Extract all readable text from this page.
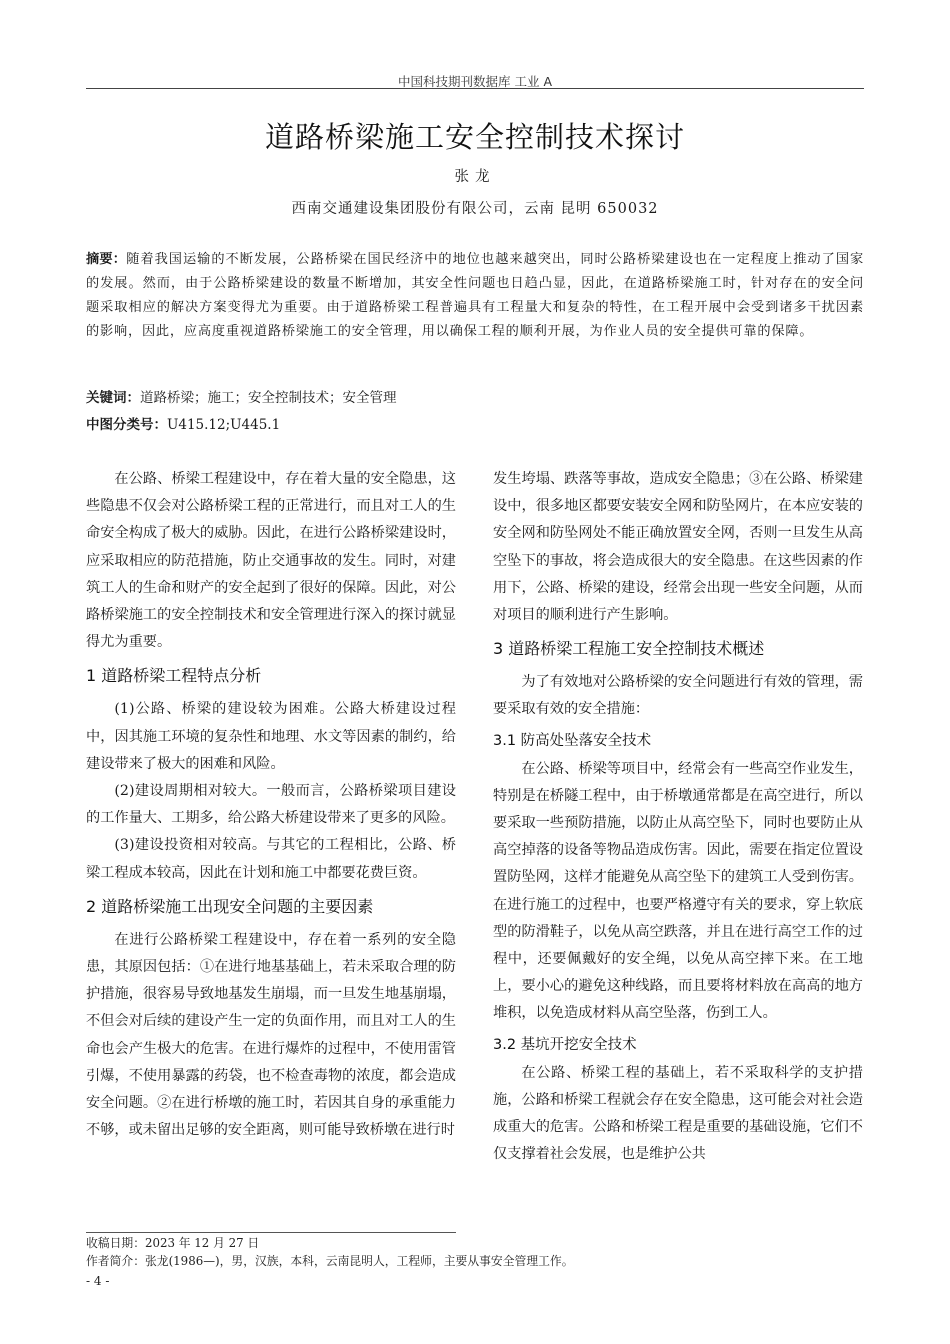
中国科技期刊数据库 工业 A
道路桥梁施工安全控制技术探讨
张龙
西南交通建设集团股份有限公司，云南 昆明 650032
摘要：随着我国运输的不断发展，公路桥梁在国民经济中的地位也越来越突出，同时公路桥梁建设也在一定程度上推动了国家的发展。然而，由于公路桥梁建设的数量不断增加，其安全性问题也日趋凸显，因此，在道路桥梁施工时，针对存在的安全问题采取相应的解决方案变得尤为重要。由于道路桥梁工程普遍具有工程量大和复杂的特性，在工程开展中会受到诸多干扰因素的影响，因此，应高度重视道路桥梁施工的安全管理，用以确保工程的顺利开展，为作业人员的安全提供可靠的保障。
关键词：道路桥梁；施工；安全控制技术；安全管理
中图分类号：U415.12;U445.1

在公路、桥梁工程建设中，存在着大量的安全隐患，这些隐患不仅会对公路桥梁工程的正常进行，而且对工人的生命安全构成了极大的威胁。因此，在进行公路桥梁建设时，应采取相应的防范措施，防止交通事故的发生。同时，对建筑工人的生命和财产的安全起到了很好的保障。因此，对公路桥梁施工的安全控制技术和安全管理进行深入的探讨就显得尤为重要。

1 道路桥梁工程特点分析

(1)公路、桥梁的建设较为困难。公路大桥建设过程中，因其施工环境的复杂性和地理、水文等因素的制约，给建设带来了极大的困难和风险。

(2)建设周期相对较大。一般而言，公路桥梁项目建设的工作量大、工期多，给公路大桥建设带来了更多的风险。

(3)建设投资相对较高。与其它的工程相比，公路、桥梁工程成本较高，因此在计划和施工中都要花费巨资。

2 道路桥梁施工出现安全问题的主要因素

在进行公路桥梁工程建设中，存在着一系列的安全隐患，其原因包括：①在进行地基基础上，若未采取合理的防护措施，很容易导致地基发生崩塌，而一旦发生地基崩塌，不但会对后续的建设产生一定的负面作用，而且对工人的生命也会产生极大的危害。在进行爆炸的过程中，不使用雷管引爆，不使用暴露的药袋，也不检查毒物的浓度，都会造成安全问题。②在进行桥墩的施工时，若因其自身的承重能力不够，或未留出足够的安全距离，则可能导致桥墩在进行时

发生垮塌、跌落等事故，造成安全隐患；③在公路、桥梁建设中，很多地区都要安装安全网和防坠网片，在本应安装的安全网和防坠网处不能正确放置安全网，否则一旦发生从高空坠下的事故，将会造成很大的安全隐患。在这些因素的作用下，公路、桥梁的建设，经常会出现一些安全问题，从而对项目的顺利进行产生影响。

3 道路桥梁工程施工安全控制技术概述

为了有效地对公路桥梁的安全问题进行有效的管理，需要采取有效的安全措施：

3.1 防高处坠落安全技术

在公路、桥梁等项目中，经常会有一些高空作业发生，特别是在桥隧工程中，由于桥墩通常都是在高空进行，所以要采取一些预防措施，以防止从高空坠下，同时也要防止从高空掉落的设备等物品造成伤害。因此，需要在指定位置设置防坠网，这样才能避免从高空坠下的建筑工人受到伤害。在进行施工的过程中，也要严格遵守有关的要求，穿上软底型的防滑鞋子，以免从高空跌落，并且在进行高空工作的过程中，还要佩戴好的安全绳，以免从高空摔下来。在工地上，要小心的避免这种线路，而且要将材料放在高高的地方堆积，以免造成材料从高空坠落，伤到工人。

3.2 基坑开挖安全技术

在公路、桥梁工程的基础上，若不采取科学的支护措施，公路和桥梁工程就会存在安全隐患，这可能会对社会造成重大的危害。公路和桥梁工程是重要的基础设施，它们不仅支撑着社会发展，也是维护公共

收稿日期：2023 年 12 月 27 日
作者简介：张龙(1986—)，男，汉族，本科，云南昆明人，工程师，主要从事安全管理工作。
- 4 -
